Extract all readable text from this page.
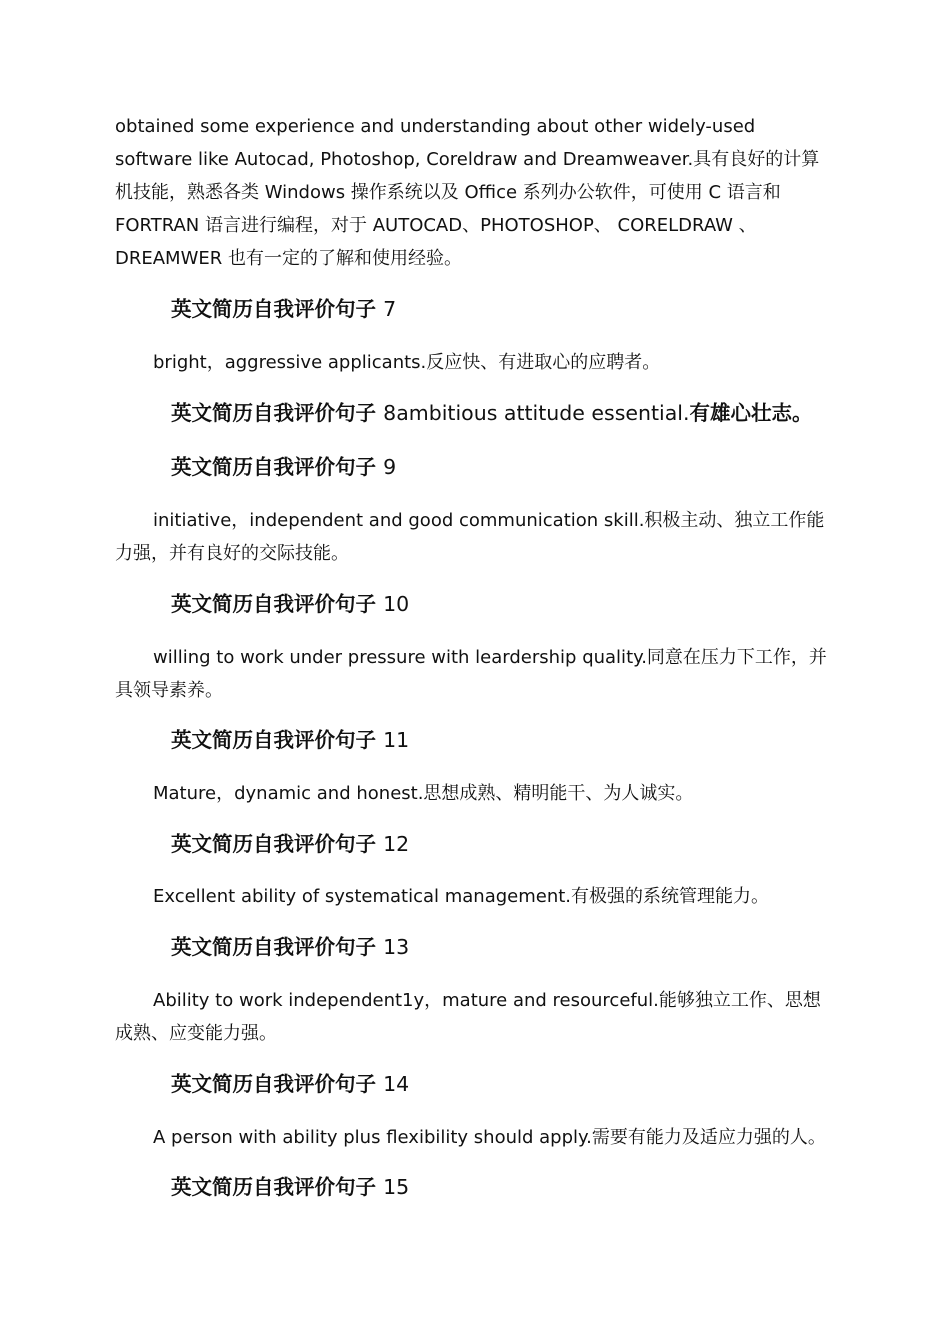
obtained some experience and understanding about other widely-used software like Autocad, Photoshop, Coreldraw and Dreamweaver.具有良好的计算机技能，熟悉各类 Windows 操作系统以及 Office 系列办公软件，可使用 C 语言和 FORTRAN 语言进行编程，对于 AUTOCAD、PHOTOSHOP、 CORELDRAW 、DREAMWER 也有一定的了解和使用经验。

英文简历自我评价句子 7

bright，aggressive applicants.反应快、有进取心的应聘者。

英文简历自我评价句子 8ambitious attitude essential.有雄心壮志。
英文简历自我评价句子 9

initiative，independent and good communication skill.积极主动、独立工作能力强，并有良好的交际技能。

英文简历自我评价句子 10

willing to work under pressure with leardership quality.同意在压力下工作，并具领导素养。

英文简历自我评价句子 11

Mature，dynamic and honest.思想成熟、精明能干、为人诚实。

英文简历自我评价句子 12

Excellent ability of systematical management.有极强的系统管理能力。

英文简历自我评价句子 13

Ability to work independent1y，mature and resourceful.能够独立工作、思想成熟、应变能力强。

英文简历自我评价句子 14

A person with ability plus flexibility should apply.需要有能力及适应力强的人。

英文简历自我评价句子 15
